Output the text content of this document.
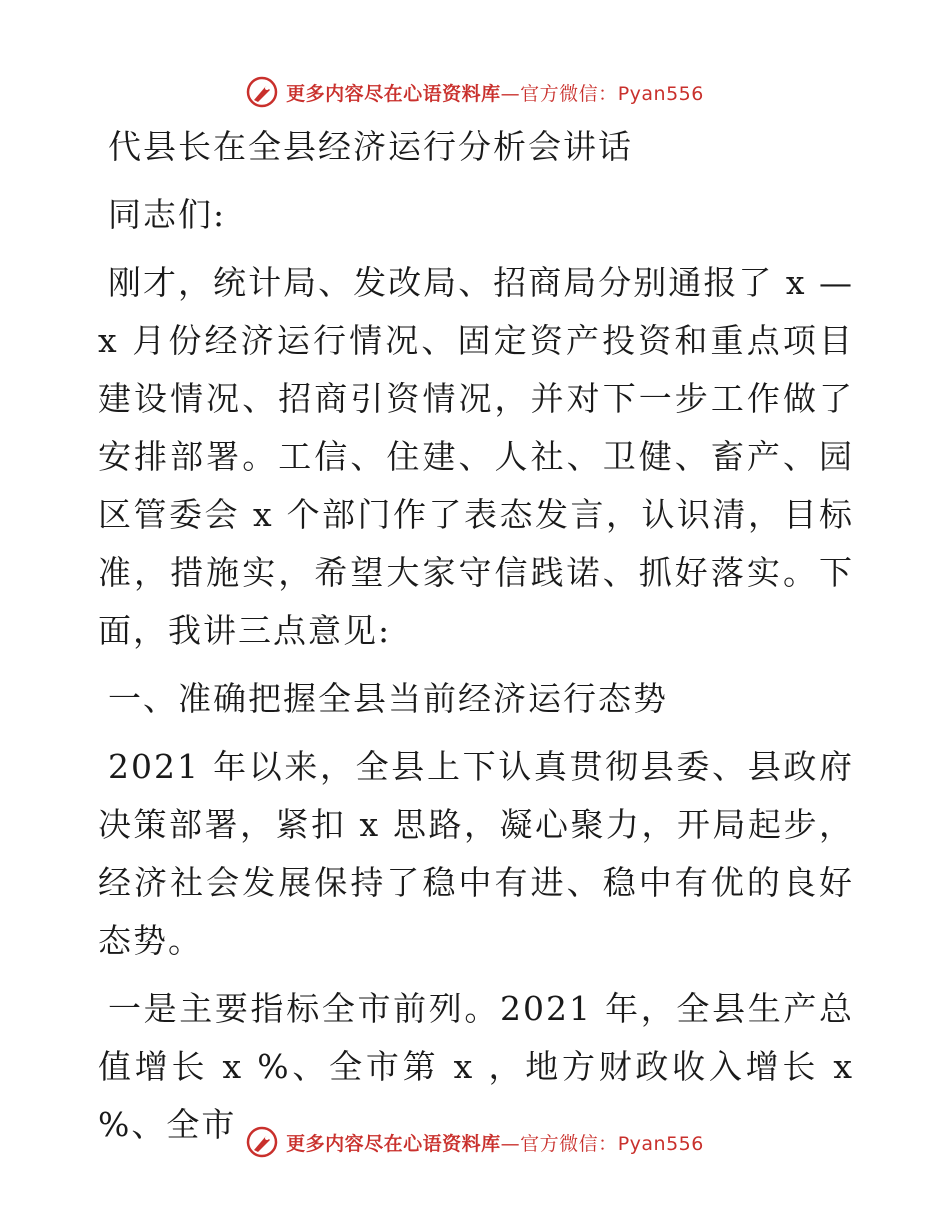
更多内容尽在心语资料库—官方微信：Pyan556

代县长在全县经济运行分析会讲话

同志们:

刚才，统计局、发改局、招商局分别通报了 x — x 月份经济运行情况、固定资产投资和重点项目建设情况、招商引资情况，并对下一步工作做了安排部署。工信、住建、人社、卫健、畜产、园区管委会 x 个部门作了表态发言，认识清，目标准，措施实，希望大家守信践诺、抓好落实。下面，我讲三点意见:

一、准确把握全县当前经济运行态势

2021 年以来，全县上下认真贯彻县委、县政府决策部署，紧扣 x 思路，凝心聚力，开局起步，经济社会发展保持了稳中有进、稳中有优的良好态势。

一是主要指标全市前列。2021 年，全县生产总值增长 x %、全市第 x ，地方财政收入增长 x %、全市	更多内容尽在心语资料库—官方微信：Pyan556
